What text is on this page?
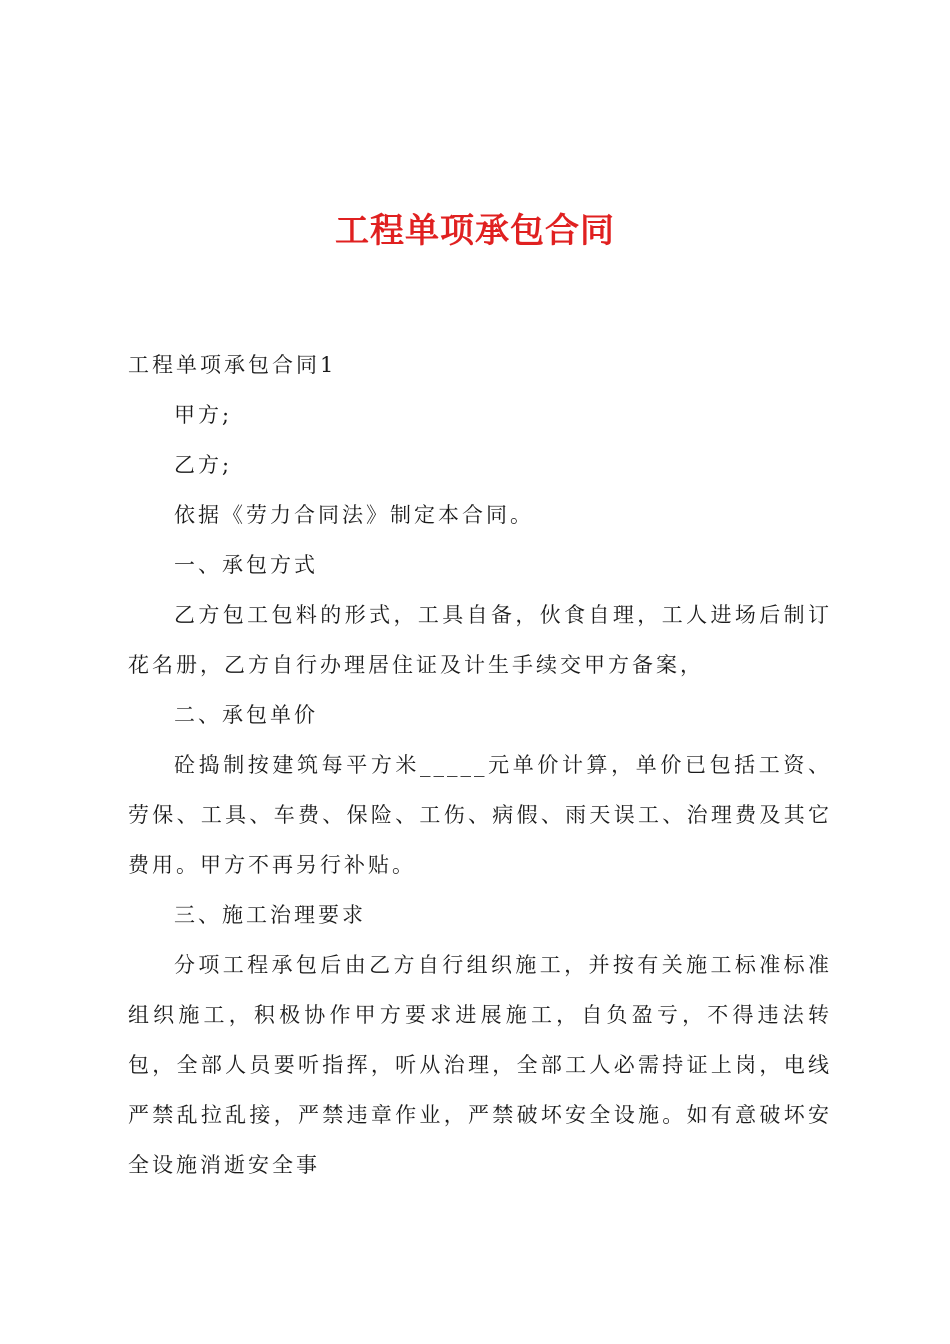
工程单项承包合同

工程单项承包合同1

甲方;

乙方;

依据《劳力合同法》制定本合同。

一、承包方式

乙方包工包料的形式，工具自备，伙食自理，工人进场后制订花名册，乙方自行办理居住证及计生手续交甲方备案，

二、承包单价

砼捣制按建筑每平方米_____元单价计算，单价已包括工资、劳保、工具、车费、保险、工伤、病假、雨天误工、治理费及其它费用。甲方不再另行补贴。

三、施工治理要求

分项工程承包后由乙方自行组织施工，并按有关施工标准标准组织施工，积极协作甲方要求进展施工，自负盈亏，不得违法转包，全部人员要听指挥，听从治理，全部工人必需持证上岗，电线严禁乱拉乱接，严禁违章作业，严禁破坏安全设施。如有意破坏安全设施消逝安全事
